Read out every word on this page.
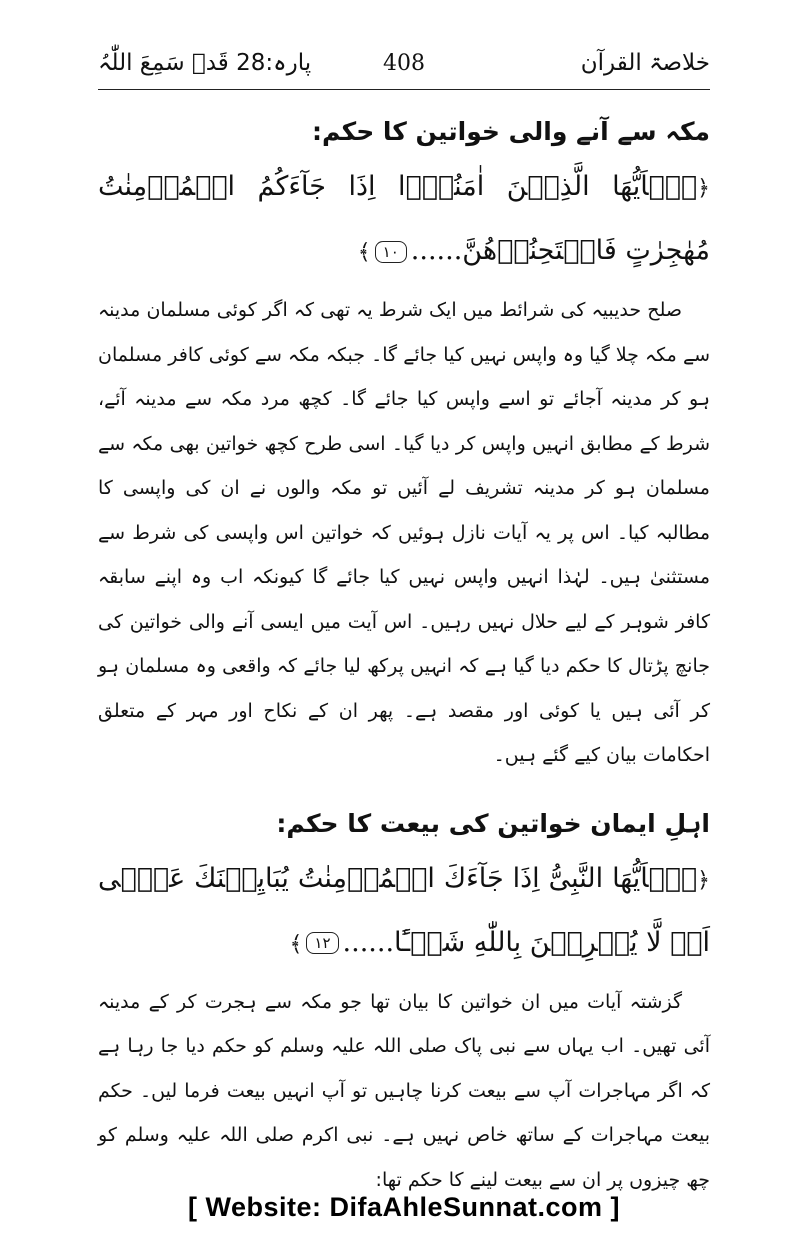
خلاصۃ القرآن
408
پارہ:28 قَدۡ سَمِعَ اللّٰہُ
مکہ سے آنے والی خواتین کا حکم:

﴿یٰۤاَیُّهَا الَّذِیۡنَ اٰمَنُوۡۤا اِذَا جَآءَكُمُ الۡمُؤۡمِنٰتُ مُهٰجِرٰتٍ فَامۡتَحِنُوۡهُنَّ......۱۰﴾

صلح حدیبیہ کی شرائط میں ایک شرط یہ تھی کہ اگر کوئی مسلمان مدینہ سے مکہ چلا گیا وہ واپس نہیں کیا جائے گا۔ جبکہ مکہ سے کوئی کافر مسلمان ہو کر مدینہ آجائے تو اسے واپس کیا جائے گا۔ کچھ مرد مکہ سے مدینہ آئے، شرط کے مطابق انہیں واپس کر دیا گیا۔ اسی طرح کچھ خواتین بھی مکہ سے مسلمان ہو کر مدینہ تشریف لے آئیں تو مکہ والوں نے ان کی واپسی کا مطالبہ کیا۔ اس پر یہ آیات نازل ہوئیں کہ خواتین اس واپسی کی شرط سے مستثنیٰ ہیں۔ لہٰذا انہیں واپس نہیں کیا جائے گا کیونکہ اب وہ اپنے سابقہ کافر شوہر کے لیے حلال نہیں رہیں۔ اس آیت میں ایسی آنے والی خواتین کی جانچ پڑتال کا حکم دیا گیا ہے کہ انہیں پرکھ لیا جائے کہ واقعی وہ مسلمان ہو کر آئی ہیں یا کوئی اور مقصد ہے۔ پھر ان کے نکاح اور مہر کے متعلق احکامات بیان کیے گئے ہیں۔

اہلِ ایمان خواتین کی بیعت کا حکم:

﴿یٰۤاَیُّهَا النَّبِیُّ اِذَا جَآءَكَ الۡمُؤۡمِنٰتُ یُبَایِعۡنَكَ عَلٰۤی اَنۡ لَّا یُشۡرِكۡنَ بِاللّٰهِ شَیۡـًٔا......۱۲﴾

گزشتہ آیات میں ان خواتین کا بیان تھا جو مکہ سے ہجرت کر کے مدینہ آئی تھیں۔ اب یہاں سے نبی پاک صلی اللہ علیہ وسلم کو حکم دیا جا رہا ہے کہ اگر مہاجرات آپ سے بیعت کرنا چاہیں تو آپ انہیں بیعت فرما لیں۔ حکم بیعت مہاجرات کے ساتھ خاص نہیں ہے۔ نبی اکرم صلی اللہ علیہ وسلم کو چھ چیزوں پر ان سے بیعت لینے کا حکم تھا:

[ Website: DifaAhleSunnat.com ]
